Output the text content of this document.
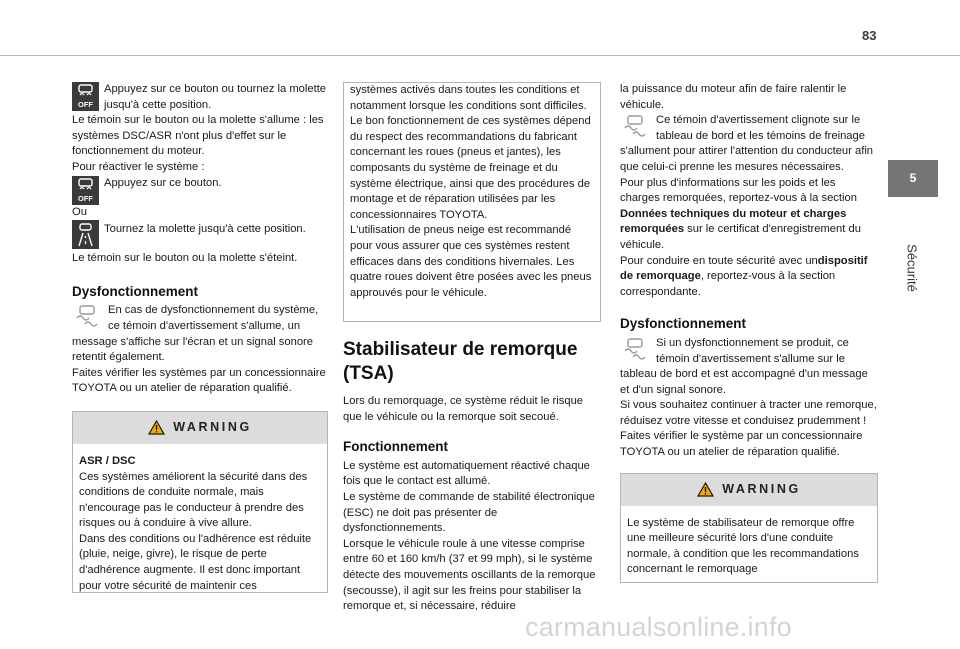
83
5
Sécurité
OFF

Appuyez sur ce bouton ou tournez la molette jusqu'à cette position.

Le témoin sur le bouton ou la molette s'allume : les systèmes DSC/ASR n'ont plus d'effet sur le fonctionnement du moteur.

Pour réactiver le système :

OFF

Appuyez sur ce bouton.

Ou

Tournez la molette jusqu'à cette position.

Le témoin sur le bouton ou la molette s'éteint.

Dysfonctionnement

En cas de dysfonctionnement du système, ce témoin d'avertissement s'allume, un message s'affiche sur l'écran et un signal sonore retentit également.

Faites vérifier les systèmes par un concessionnaire TOYOTA ou un atelier de réparation qualifié.

WARNING

ASR / DSC

Ces systèmes améliorent la sécurité dans des conditions de conduite normale, mais n'encourage pas le conducteur à prendre des risques ou à conduire à vive allure.

Dans des conditions ou l'adhérence est réduite (pluie, neige, givre), le risque de perte d'adhérence augmente. Il est donc important pour votre sécurité de maintenir ces

systèmes activés dans toutes les conditions et notamment lorsque les conditions sont difficiles.

Le bon fonctionnement de ces systèmes dépend du respect des recommandations du fabricant concernant les roues (pneus et jantes), les composants du système de freinage et du système électrique, ainsi que des procédures de montage et de réparation utilisées par les concessionnaires TOYOTA.

L'utilisation de pneus neige est recommandé pour vous assurer que ces systèmes restent efficaces dans des conditions hivernales. Les quatre roues doivent être posées avec les pneus approuvés pour le véhicule.

Stabilisateur de remorque
(TSA)

Lors du remorquage, ce système réduit le risque que le véhicule ou la remorque soit secoué.

Fonctionnement

Le système est automatiquement réactivé chaque fois que le contact est allumé.

Le système de commande de stabilité électronique (ESC) ne doit pas présenter de dysfonctionnements.

Lorsque le véhicule roule à une vitesse comprise entre 60 et 160 km/h (37 et 99 mph), si le système détecte des mouvements oscillants de la remorque (secousse), il agit sur les freins pour stabiliser la remorque et, si nécessaire, réduire

la puissance du moteur afin de faire ralentir le véhicule.

Ce témoin d'avertissement clignote sur le tableau de bord et les témoins de freinage s'allument pour attirer l'attention du conducteur afin que celui-ci prenne les mesures nécessaires.

Pour plus d'informations sur les poids et les charges remorquées, reportez-vous à la section Données techniques du moteur et charges remorquées sur le certificat d'enregistrement du véhicule.

Pour conduire en toute sécurité avec undispositif de remorquage, reportez-vous à la section correspondante.

Dysfonctionnement

Si un dysfonctionnement se produit, ce témoin d'avertissement s'allume sur le tableau de bord et est accompagné d'un message et d'un signal sonore.

Si vous souhaitez continuer à tracter une remorque, réduisez votre vitesse et conduisez prudemment !

Faites vérifier le système par un concessionnaire TOYOTA ou un atelier de réparation qualifié.

WARNING

Le système de stabilisateur de remorque offre une meilleure sécurité lors d'une conduite normale, à condition que les recommandations concernant le remorquage

carmanualsonline.info
